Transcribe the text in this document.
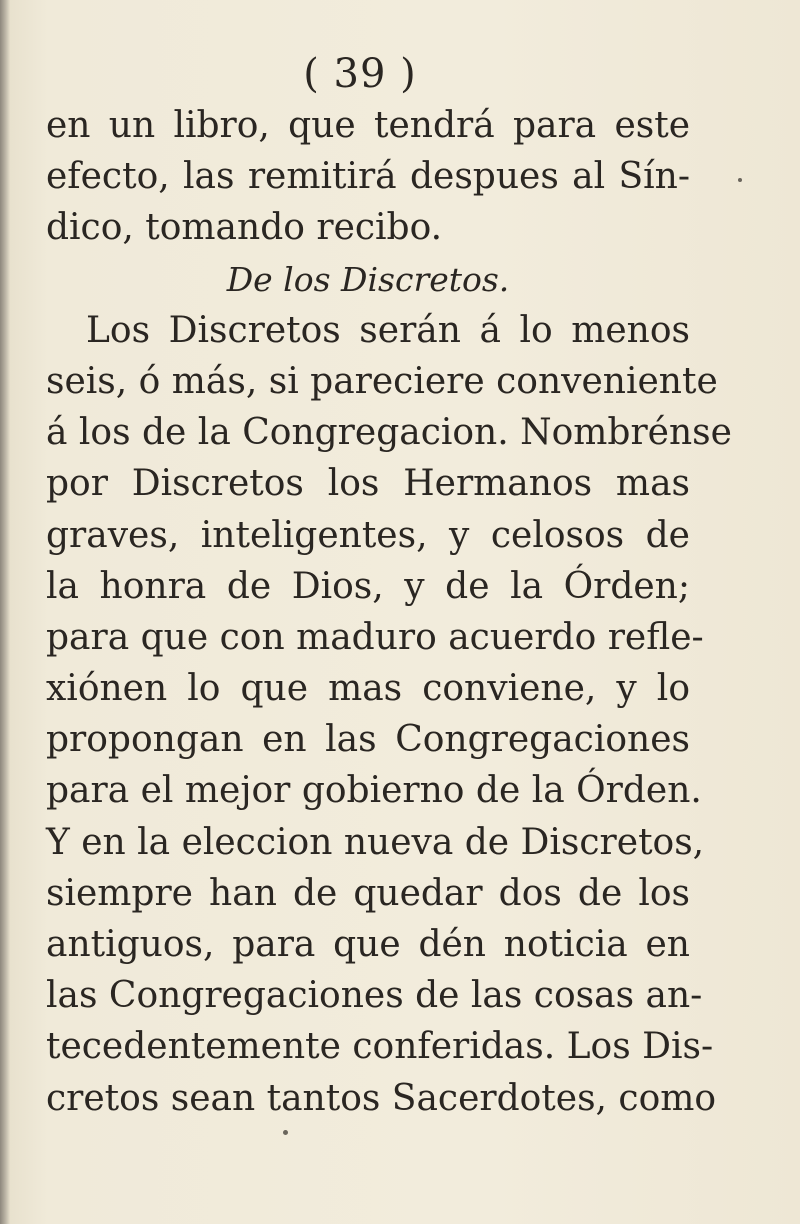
( 39 )
en un libro, que tendrá para este
efecto, las remitirá despues al Sín-
dico, tomando recibo.
De los Discretos.
Los Discretos serán á lo menos
seis, ó más, si pareciere conveniente
á los de la Congregacion. Nombrénse
por Discretos los Hermanos mas
graves, inteligentes, y celosos de
la honra de Dios, y de la Órden;
para que con maduro acuerdo refle-
xiónen lo que mas conviene, y lo
propongan en las Congregaciones
para el mejor gobierno de la Órden.
Y en la eleccion nueva de Discretos,
siempre han de quedar dos de los
antiguos, para que dén noticia en
las Congregaciones de las cosas an-
tecedentemente conferidas. Los Dis-
cretos sean tantos Sacerdotes, como
